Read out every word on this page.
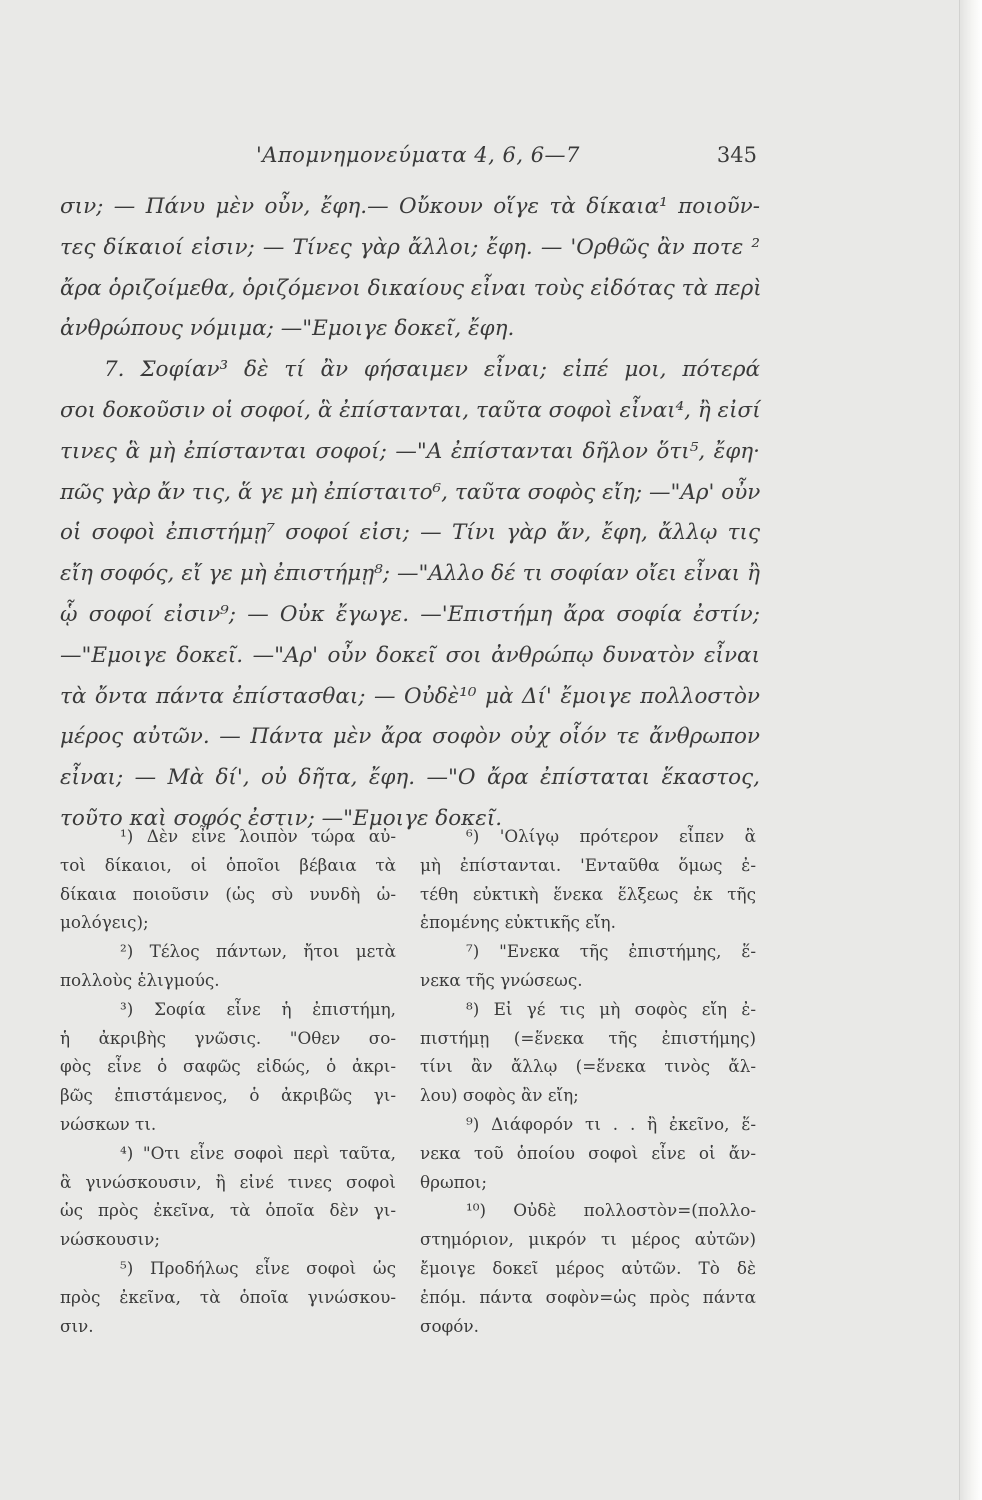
'Απομνημονεύματα 4, 6, 6—7	345
σιν; — Πάνυ μὲν οὖν, ἔφη.— Οὔκουν οἵγε τὰ δίκαια¹ ποιοῦν-
τες δίκαιοί εἰσιν; — Τίνες γὰρ ἄλλοι; ἔφη. — 'Ορθῶς ἂν ποτε ²
ἄρα ὁριζοίμεθα, ὁριζόμενοι δικαίους εἶναι τοὺς εἰδότας τὰ περὶ
ἀνθρώπους νόμιμα; —"Εμοιγε δοκεῖ, ἔφη.
7. Σοφίαν³ δὲ τί ἂν φήσαιμεν εἶναι; εἰπέ μοι, πότερά
σοι δοκοῦσιν οἱ σοφοί, ἃ ἐπίστανται, ταῦτα σοφοὶ εἶναι⁴, ἢ εἰσί
τινες ἃ μὴ ἐπίστανται σοφοί; —"Α ἐπίστανται δῆλον ὅτι⁵, ἔφη·
πῶς γὰρ ἄν τις, ἅ γε μὴ ἐπίσταιτο⁶, ταῦτα σοφὸς εἴη; —"Αρ' οὖν
οἱ σοφοὶ ἐπιστήμῃ⁷ σοφοί εἰσι; — Τίνι γὰρ ἄν, ἔφη, ἄλλῳ τις
εἴη σοφός, εἴ γε μὴ ἐπιστήμῃ⁸; —"Αλλο δέ τι σοφίαν οἴει εἶναι ἢ
ᾧ σοφοί εἰσιν⁹; — Οὐκ ἔγωγε. —'Επιστήμη ἄρα σοφία ἐστίν;
—"Εμοιγε δοκεῖ. —"Αρ' οὖν δοκεῖ σοι ἀνθρώπῳ δυνατὸν εἶναι
τὰ ὄντα πάντα ἐπίστασθαι; — Οὐδὲ¹⁰ μὰ Δί' ἔμοιγε πολλοστὸν
μέρος αὐτῶν. — Πάντα μὲν ἄρα σοφὸν οὐχ οἷόν τε ἄνθρωπον
εἶναι; — Μὰ δί', οὐ δῆτα, ἔφη. —"Ο ἄρα ἐπίσταται ἕκαστος,
τοῦτο καὶ σοφός ἐστιν; —"Εμοιγε δοκεῖ.
¹) Δὲν εἶνε λοιπὸν τώρα αὐ-
τοὶ δίκαιοι, οἱ ὁποῖοι βέβαια τὰ
δίκαια ποιοῦσιν (ὡς σὺ νυνδὴ ὡ-
μολόγεις);
²) Τέλος πάντων, ἤτοι μετὰ
πολλοὺς ἑλιγμούς.
³) Σοφία εἶνε ἡ ἐπιστήμη,
ἡ ἀκριβὴς γνῶσις. "Οθεν σο-
φὸς εἶνε ὁ σαφῶς εἰδώς, ὁ ἀκρι-
βῶς ἐπιστάμενος, ὁ ἀκριβῶς γι-
νώσκων τι.
⁴) "Οτι εἶνε σοφοὶ περὶ ταῦτα,
ἃ γινώσκουσιν, ἢ εἰνέ τινες σοφοὶ
ὡς πρὸς ἐκεῖνα, τὰ ὁποῖα δὲν γι-
νώσκουσιν;
⁵) Προδήλως εἶνε σοφοὶ ὡς
πρὸς ἐκεῖνα, τὰ ὁποῖα γινώσκου-
σιν.
⁶) 'Ολίγῳ πρότερον εἶπεν ἃ
μὴ ἐπίστανται. 'Ενταῦθα ὅμως ἐ-
τέθη εὐκτικὴ ἕνεκα ἕλξεως ἐκ τῆς
ἑπομένης εὐκτικῆς εἴη.
⁷) "Ενεκα τῆς ἐπιστήμης, ἕ-
νεκα τῆς γνώσεως.
⁸) Εἰ γέ τις μὴ σοφὸς εἴη ἐ-
πιστήμῃ (=ἕνεκα τῆς ἐπιστήμης)
τίνι ἂν ἄλλῳ (=ἕνεκα τινὸς ἄλ-
λου) σοφὸς ἂν εἴη;
⁹) Διάφορόν τι . . ἢ ἐκεῖνο, ἕ-
νεκα τοῦ ὁποίου σοφοὶ εἶνε οἱ ἄν-
θρωποι;
¹⁰) Οὐδὲ πολλοστὸν=(πολλο-
στημόριον, μικρόν τι μέρος αὐτῶν)
ἔμοιγε δοκεῖ μέρος αὐτῶν. Τὸ δὲ
ἐπόμ. πάντα σοφὸν=ὡς πρὸς πάντα
σοφόν.
